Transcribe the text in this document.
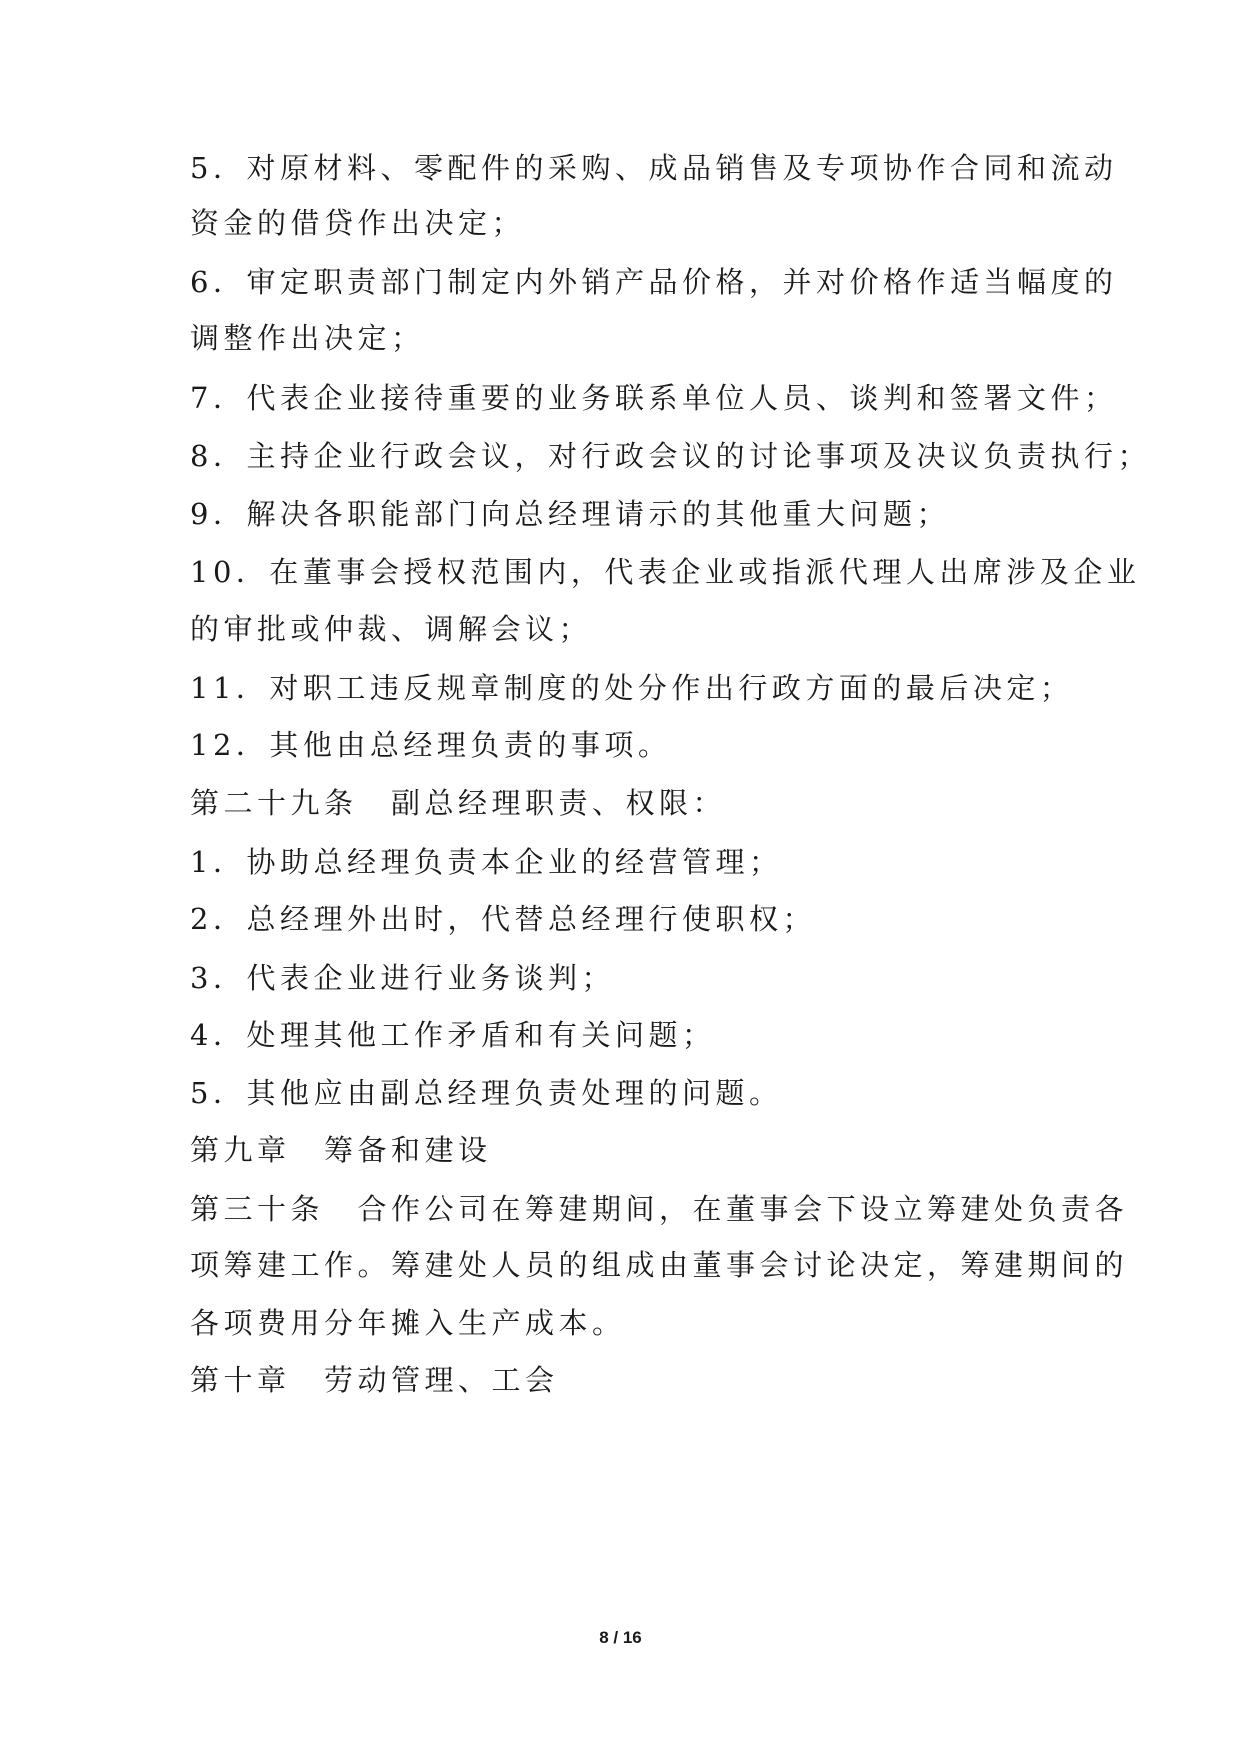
5．对原材料、零配件的采购、成品销售及专项协作合同和流动
资金的借贷作出决定；
6．审定职责部门制定内外销产品价格，并对价格作适当幅度的
调整作出决定；
7．代表企业接待重要的业务联系单位人员、谈判和签署文件；
8．主持企业行政会议，对行政会议的讨论事项及决议负责执行；
9．解决各职能部门向总经理请示的其他重大问题；
10．在董事会授权范围内，代表企业或指派代理人出席涉及企业
的审批或仲裁、调解会议；
11．对职工违反规章制度的处分作出行政方面的最后决定；
12．其他由总经理负责的事项。
第二十九条　副总经理职责、权限：
1．协助总经理负责本企业的经营管理；
2．总经理外出时，代替总经理行使职权；
3．代表企业进行业务谈判；
4．处理其他工作矛盾和有关问题；
5．其他应由副总经理负责处理的问题。
第九章　筹备和建设
第三十条　合作公司在筹建期间，在董事会下设立筹建处负责各
项筹建工作。筹建处人员的组成由董事会讨论决定，筹建期间的
各项费用分年摊入生产成本。
第十章　劳动管理、工会
8 / 16
